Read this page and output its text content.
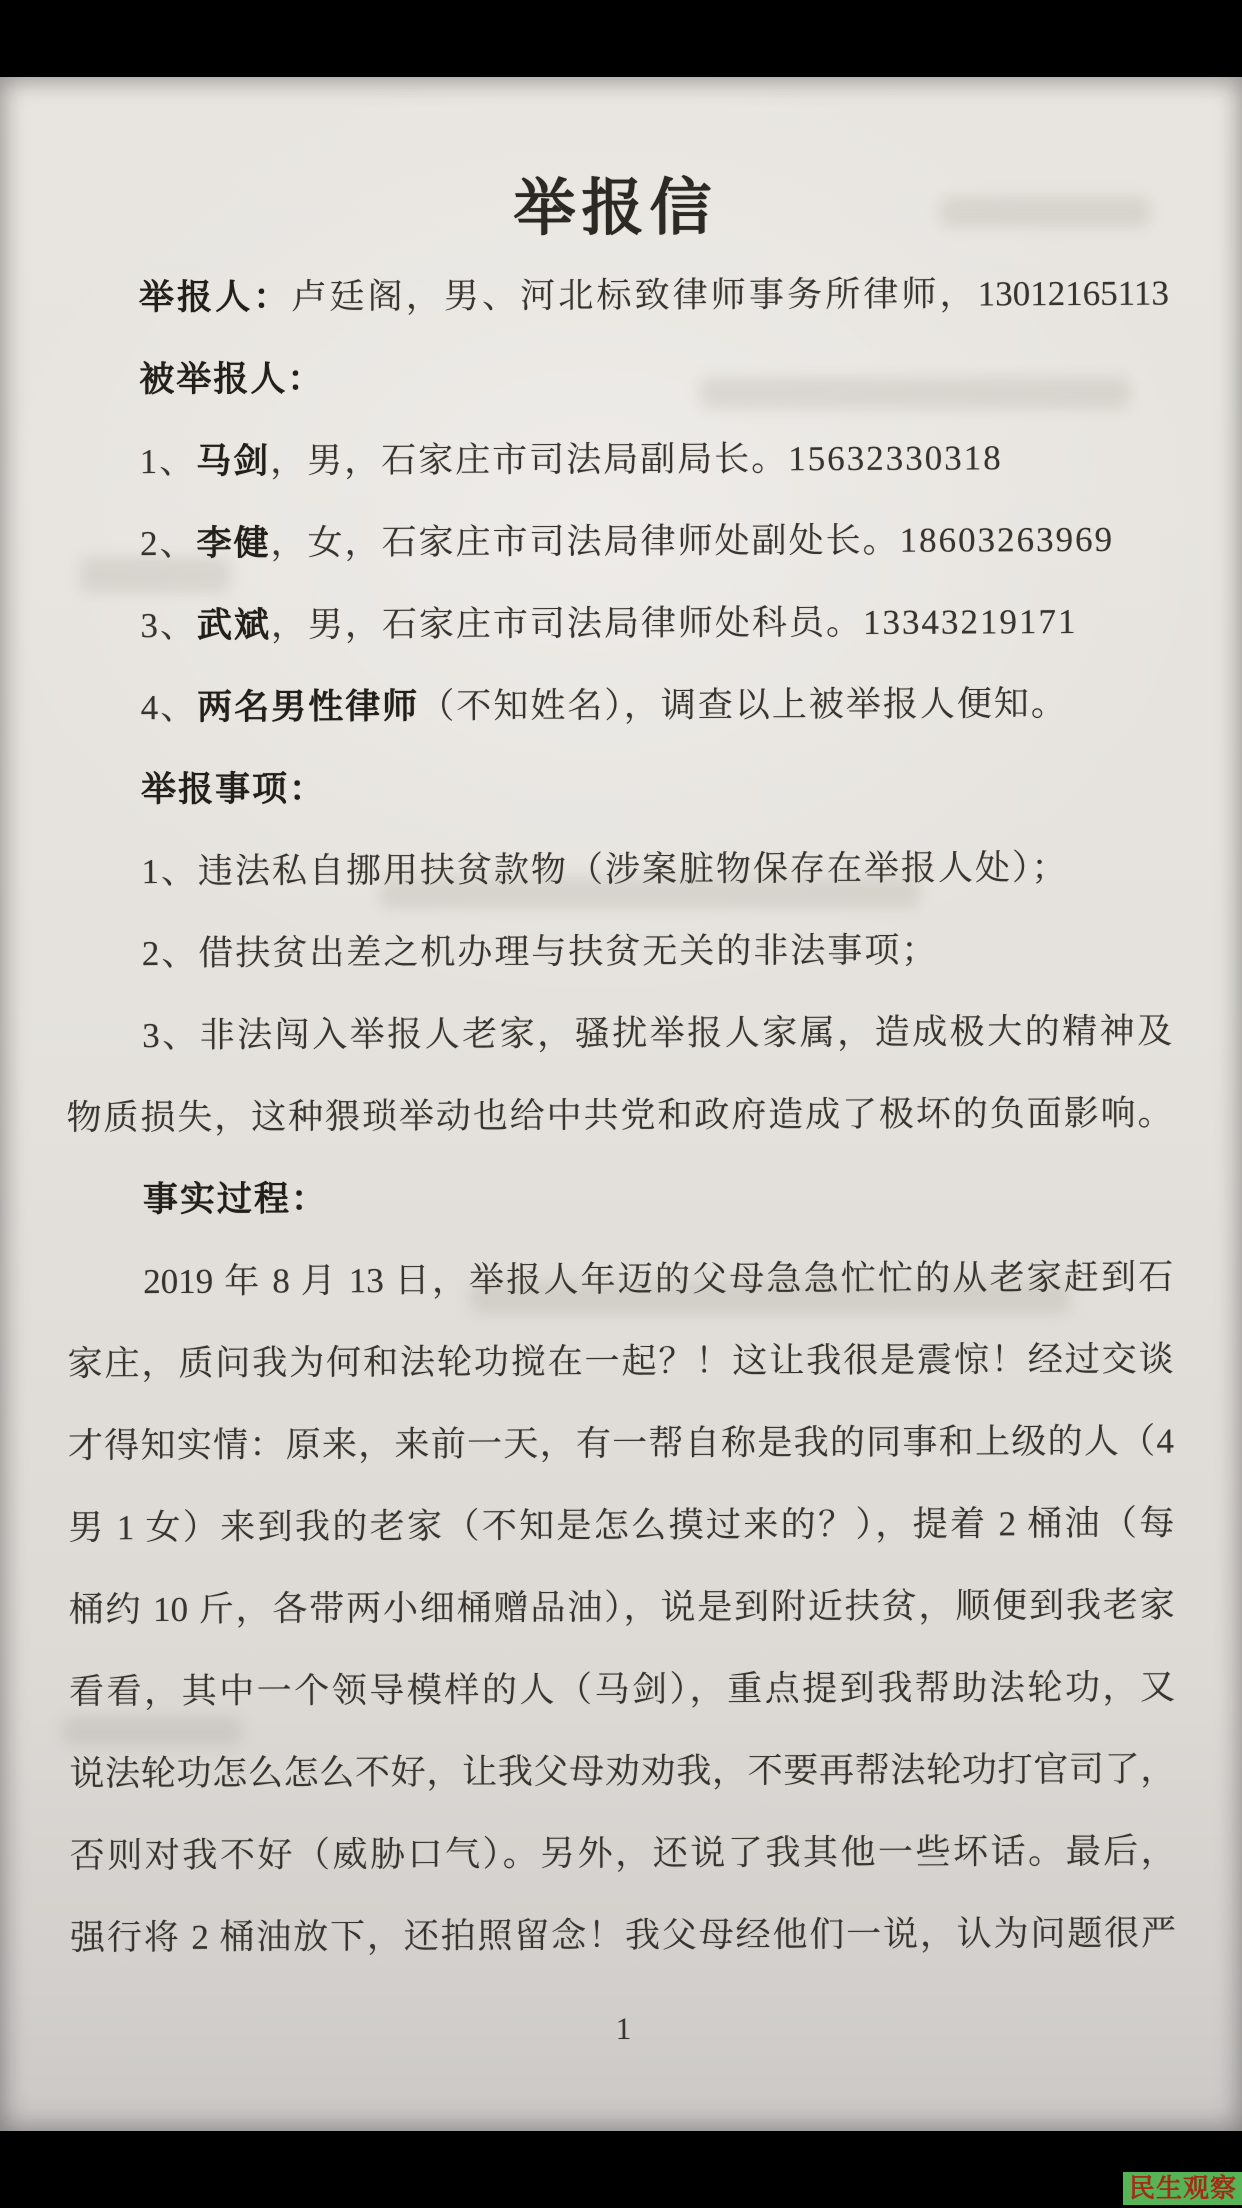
举报信
举报人：卢廷阁，男、河北标致律师事务所律师，13012165113
被举报人：
1、马剑，男，石家庄市司法局副局长。15632330318
2、李健，女，石家庄市司法局律师处副处长。18603263969
3、武斌，男，石家庄市司法局律师处科员。13343219171
4、两名男性律师（不知姓名），调查以上被举报人便知。
举报事项：
1、违法私自挪用扶贫款物（涉案脏物保存在举报人处）；
2、借扶贫出差之机办理与扶贫无关的非法事项；
3、非法闯入举报人老家，骚扰举报人家属，造成极大的精神及
物质损失，这种猥琐举动也给中共党和政府造成了极坏的负面影响。
事实过程：
2019 年 8 月 13 日，举报人年迈的父母急急忙忙的从老家赶到石
家庄，质问我为何和法轮功搅在一起？！这让我很是震惊！经过交谈
才得知实情：原来，来前一天，有一帮自称是我的同事和上级的人（4
男 1 女）来到我的老家（不知是怎么摸过来的？），提着 2 桶油（每
桶约 10 斤，各带两小细桶赠品油），说是到附近扶贫，顺便到我老家
看看，其中一个领导模样的人（马剑），重点提到我帮助法轮功，又
说法轮功怎么怎么不好，让我父母劝劝我，不要再帮法轮功打官司了，
否则对我不好（威胁口气）。另外，还说了我其他一些坏话。最后，
强行将 2 桶油放下，还拍照留念！我父母经他们一说，认为问题很严
1
民生观察
